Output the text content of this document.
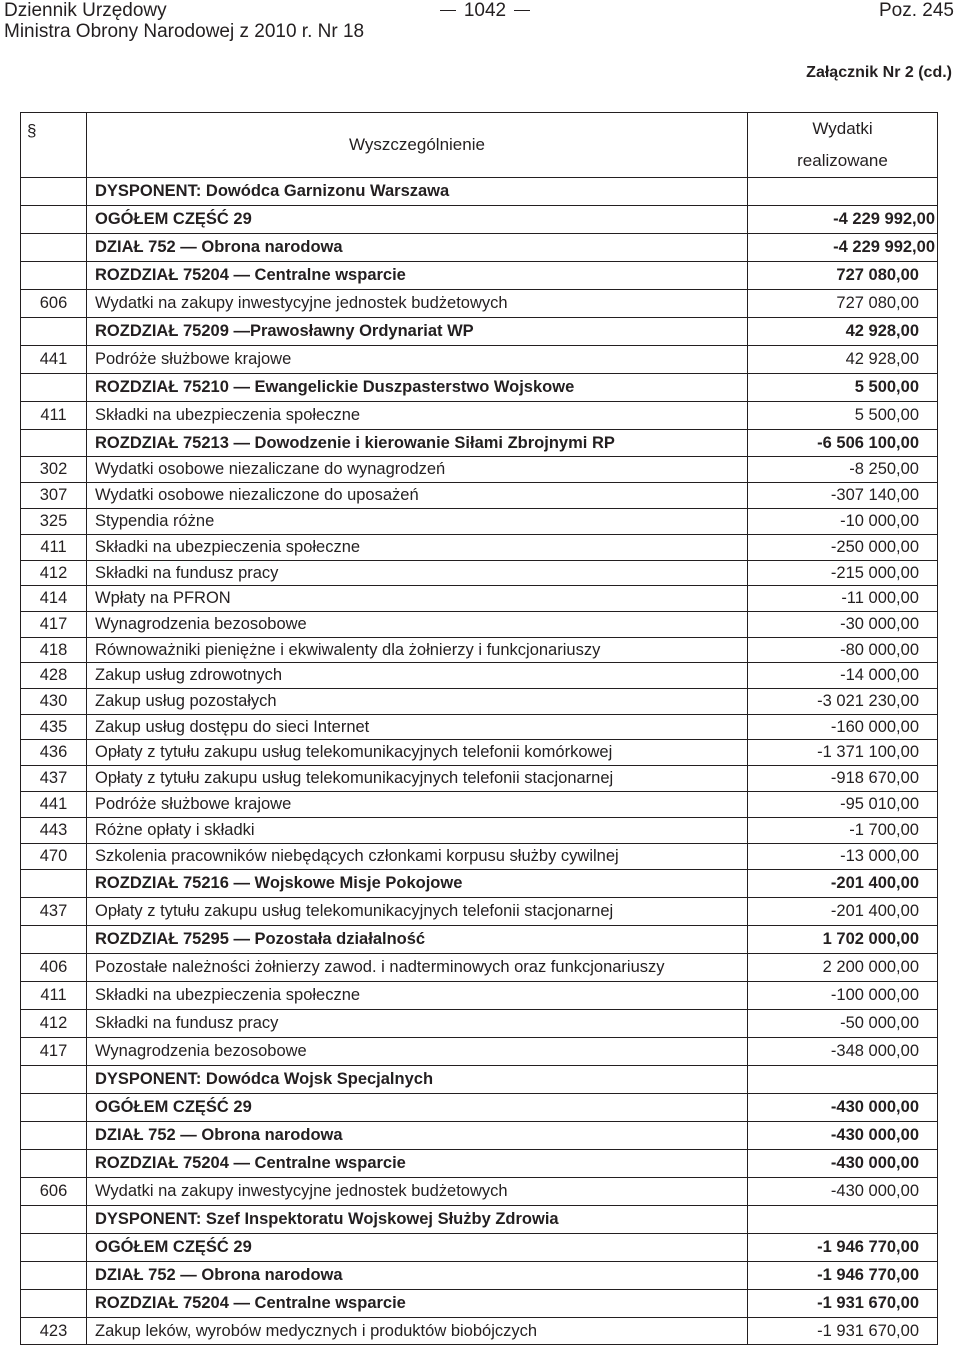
Dziennik Urzędowy
Ministra Obrony Narodowej z 2010 r. Nr 18
1042	Poz. 245
Załącznik Nr 2 (cd.)
§	Wyszczególnienie	Wydatki
realizowane

	DYSPONENT: Dowódca Garnizonu Warszawa	
	OGÓŁEM CZĘŚĆ 29	-4 229 992,00
	DZIAŁ 752 — Obrona narodowa	-4 229 992,00
	ROZDZIAŁ 75204 — Centralne wsparcie	727 080,00
606	Wydatki na zakupy inwestycyjne jednostek budżetowych	727 080,00
	ROZDZIAŁ 75209 —Prawosławny Ordynariat WP	42 928,00
441	Podróże służbowe krajowe	42 928,00
	ROZDZIAŁ 75210 — Ewangelickie Duszpasterstwo Wojskowe	5 500,00
411	Składki na ubezpieczenia społeczne	5 500,00
	ROZDZIAŁ 75213 — Dowodzenie i kierowanie Siłami Zbrojnymi RP	-6 506 100,00
302	Wydatki osobowe niezaliczane do wynagrodzeń	-8 250,00
307	Wydatki osobowe niezaliczone do uposażeń	-307 140,00
325	Stypendia różne	-10 000,00
411	Składki na ubezpieczenia społeczne	-250 000,00
412	Składki na fundusz pracy	-215 000,00
414	Wpłaty na PFRON	-11 000,00
417	Wynagrodzenia bezosobowe	-30 000,00
418	Równoważniki pieniężne i ekwiwalenty dla żołnierzy i funkcjonariuszy	-80 000,00
428	Zakup usług zdrowotnych	-14 000,00
430	Zakup usług pozostałych	-3 021 230,00
435	Zakup usług dostępu do sieci Internet	-160 000,00
436	Opłaty z tytułu zakupu usług telekomunikacyjnych telefonii komórkowej	-1 371 100,00
437	Opłaty z tytułu zakupu usług telekomunikacyjnych telefonii stacjonarnej	-918 670,00
441	Podróże służbowe krajowe	-95 010,00
443	Różne opłaty i składki	-1 700,00
470	Szkolenia pracowników niebędących członkami korpusu służby cywilnej	-13 000,00
	ROZDZIAŁ 75216 — Wojskowe Misje Pokojowe	-201 400,00
437	Opłaty z tytułu zakupu usług telekomunikacyjnych telefonii stacjonarnej	-201 400,00
	ROZDZIAŁ 75295 — Pozostała działalność	1 702 000,00
406	Pozostałe należności żołnierzy zawod. i nadterminowych oraz funkcjonariuszy	2 200 000,00
411	Składki na ubezpieczenia społeczne	-100 000,00
412	Składki na fundusz pracy	-50 000,00
417	Wynagrodzenia bezosobowe	-348 000,00
	DYSPONENT: Dowódca Wojsk Specjalnych	
	OGÓŁEM CZĘŚĆ 29	-430 000,00
	DZIAŁ 752 — Obrona narodowa	-430 000,00
	ROZDZIAŁ 75204 — Centralne wsparcie	-430 000,00
606	Wydatki na zakupy inwestycyjne jednostek budżetowych	-430 000,00
	DYSPONENT: Szef Inspektoratu Wojskowej Służby Zdrowia	
	OGÓŁEM CZĘŚĆ 29	-1 946 770,00
	DZIAŁ 752 — Obrona narodowa	-1 946 770,00
	ROZDZIAŁ 75204 — Centralne wsparcie	-1 931 670,00
423	Zakup leków, wyrobów medycznych i produktów biobójczych	-1 931 670,00
